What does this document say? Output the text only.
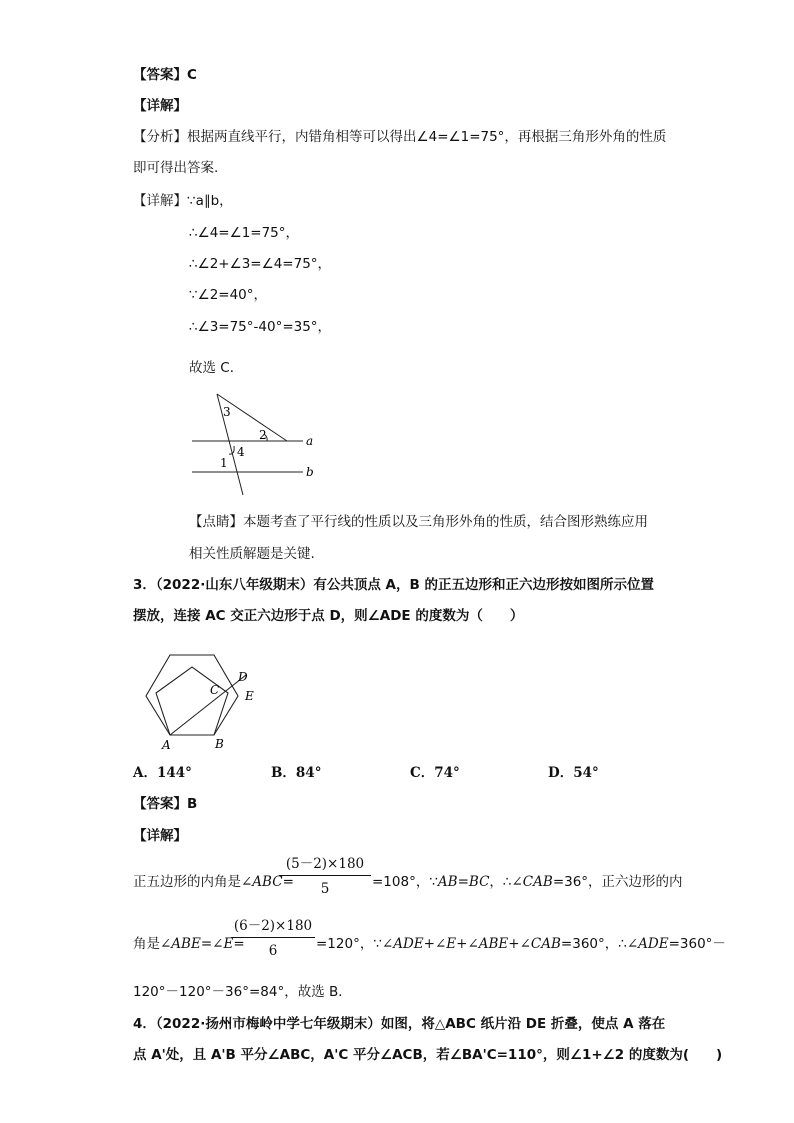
【答案】C
【详解】
【分析】根据两直线平行，内错角相等可以得出∠4=∠1=75°，再根据三角形外角的性质
即可得出答案.
【详解】∵a∥b，
∴∠4=∠1=75°，
∴∠2+∠3=∠4=75°，
∵∠2=40°，
∴∠3=75°-40°=35°，
故选 C．
3
2
4
1
a
b
【点睛】本题考查了平行线的性质以及三角形外角的性质，结合图形熟练应用
相关性质解题是关键.
3．（2022·山东八年级期末）有公共顶点 A，B 的正五边形和正六边形按如图所示位置
摆放，连接 AC 交正六边形于点 D，则∠ADE 的度数为（　　）
A	B
C
D
E
A．144°	B．84°	C．74°	D．54°
【答案】B
【详解】
正五边形的内角是∠ABC=
$\frac{(5-2)\times 180}{5} =108^\circ$，∵AB=BC，∴∠CAB=36°，正六边形的内
角是∠ABE=∠E=
$\frac{(6-2)\times 180}{6} =120^\circ$，∵∠ADE+∠E+∠ABE+∠CAB=360°，∴∠ADE=360°－
120°－120°－36°=84°，故选 B．
4．（2022·扬州市梅岭中学七年级期末）如图，将△ABC 纸片沿 DE 折叠，使点 A 落在
点 A'处，且 A'B 平分∠ABC，A'C 平分∠ACB，若∠BA'C=110°，则∠1+∠2 的度数为(　　)
